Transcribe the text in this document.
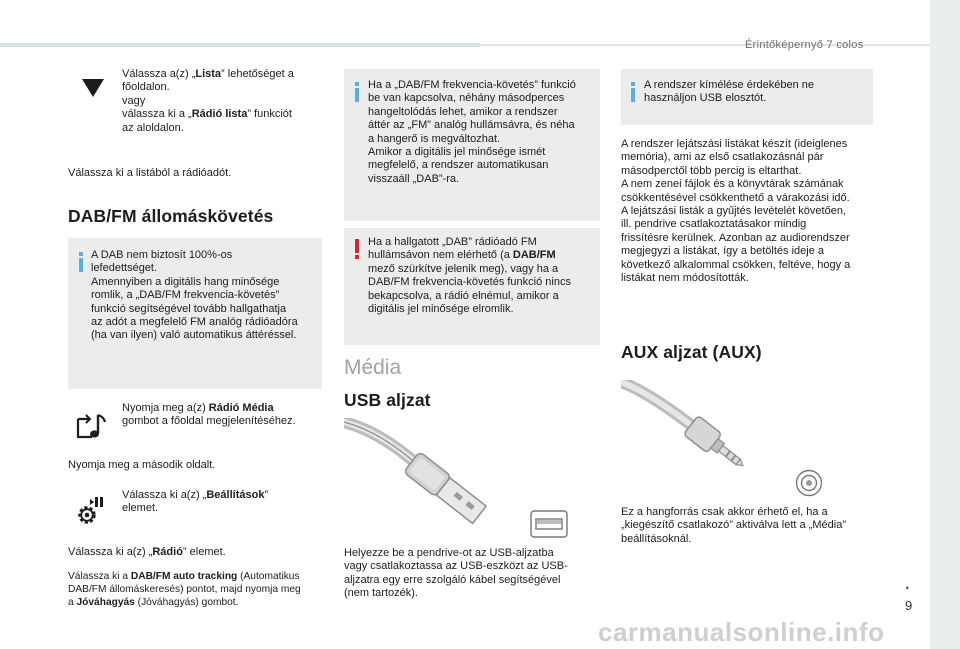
Érintőképernyő 7 colos

Válassza a(z) „Lista” lehetőséget a

főoldalon.

vagy

válassza ki a „Rádió lista” funkciót

az aloldalon.

Válassza ki a listából a rádióadót.
DAB/FM állomáskövetés

A DAB nem biztosít 100%-os

lefedettséget.

Amennyiben a digitális hang minősége

romlik, a „DAB/FM frekvencia-követés”

funkció segítségével tovább hallgathatja

az adót a megfelelő FM analóg rádióadóra

(ha van ilyen) való automatikus áttéréssel.

Nyomja meg a(z) Rádió Média

gombot a főoldal megjelenítéséhez.

Nyomja meg a második oldalt.

Válassza ki a(z) „Beállítások”

elemet.

Válassza ki a(z) „Rádió” elemet.

Válassza ki a DAB/FM auto tracking (Automatikus

DAB/FM állomáskeresés) pontot, majd nyomja meg

a Jóváhagyás (Jóváhagyás) gombot.

Ha a „DAB/FM frekvencia-követés” funkció

be van kapcsolva, néhány másodperces

hangeltolódás lehet, amikor a rendszer

áttér az „FM” analóg hullámsávra, és néha

a hangerő is megváltozhat.

Amikor a digitális jel minősége ismét

megfelelő, a rendszer automatikusan

visszaáll „DAB”-ra.

Ha a hallgatott „DAB” rádióadó FM

hullámsávon nem elérhető (a DAB/FM

mező szürkítve jelenik meg), vagy ha a

DAB/FM frekvencia-követés funkció nincs

bekapcsolva, a rádió elnémul, amikor a

digitális jel minősége elromlik.

Média
USB aljzat

Helyezze be a pendrive-ot az USB-aljzatba

vagy csatlakoztassa az USB-eszközt az USB-

aljzatra egy erre szolgáló kábel segítségével

(nem tartozék).

A rendszer kímélése érdekében ne

használjon USB elosztót.

A rendszer lejátszási listákat készít (ideiglenes

memória), ami az első csatlakozásnál pár

másodperctől több percig is eltarthat.

A nem zenei fájlok és a könyvtárak számának

csökkentésével csökkenthető a várakozási idő.

A lejátszási listák a gyűjtés levételét követően,

ill. pendrive csatlakoztatásakor mindig

frissítésre kerülnek. Azonban az audiorendszer

megjegyzi a listákat, így a betöltés ideje a

következő alkalommal csökken, feltéve, hogy a

listákat nem módosították.

AUX aljzat (AUX)

Ez a hangforrás csak akkor érhető el, ha a

„kiegészítő csatlakozó” aktiválva lett a „Média”

beállításoknál.

.
9
carmanualsonline.info
